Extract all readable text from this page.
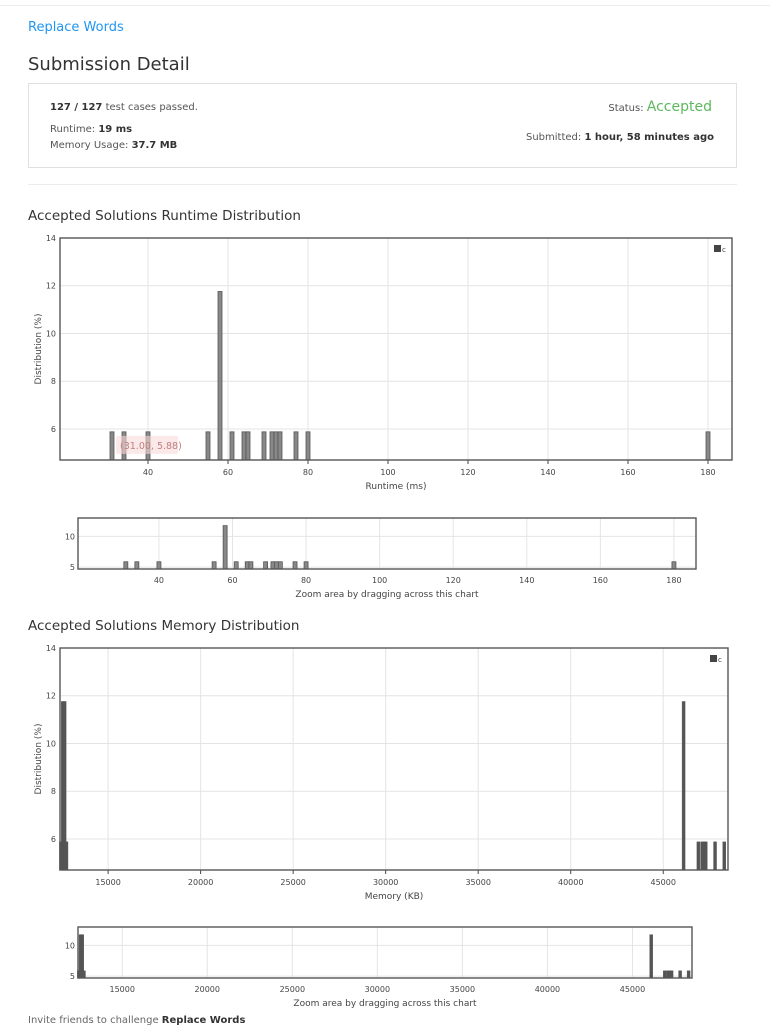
Replace Words
Submission Detail
127 / 127 test cases passed.
Runtime: 19 ms
Memory Usage: 37.7 MB
Status: Accepted
Submitted: 1 hour, 58 minutes ago
Accepted Solutions Runtime Distribution
40	60	80	100	120	140	160	180
6
8
10
12
14
c
Runtime (ms)
Distribution (%)
(31.00, 5.88)
40	60	80	100	120	140	160	180
5
10
Zoom area by dragging across this chart
Accepted Solutions Memory Distribution
15000	20000	25000	30000	35000	40000	45000
6
8
10
12
14
c
Memory (KB)
Distribution (%)
15000	20000	25000	30000	35000	40000	45000
5
10
Zoom area by dragging across this chart
Invite friends to challenge Replace Words
